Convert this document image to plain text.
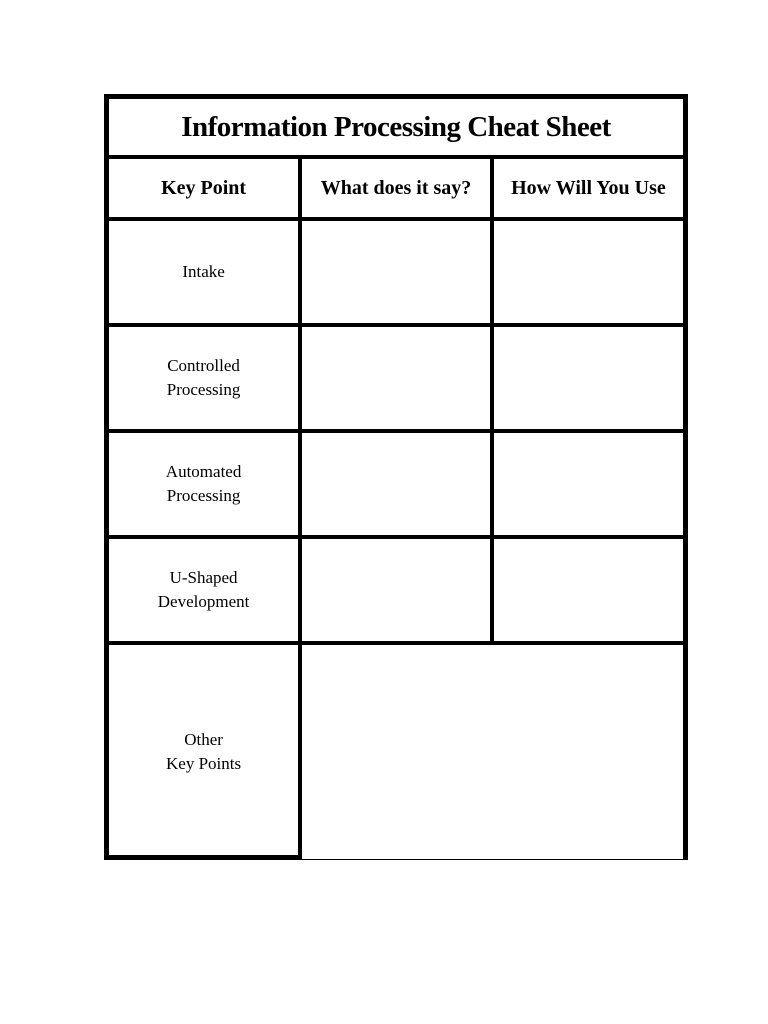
Information Processing Cheat Sheet		
Key Point	What does it say?	How Will You Use

Intake		

Controlled
Processing		

Automated
Processing		

U-Shaped
Development		

Other
Key Points		
